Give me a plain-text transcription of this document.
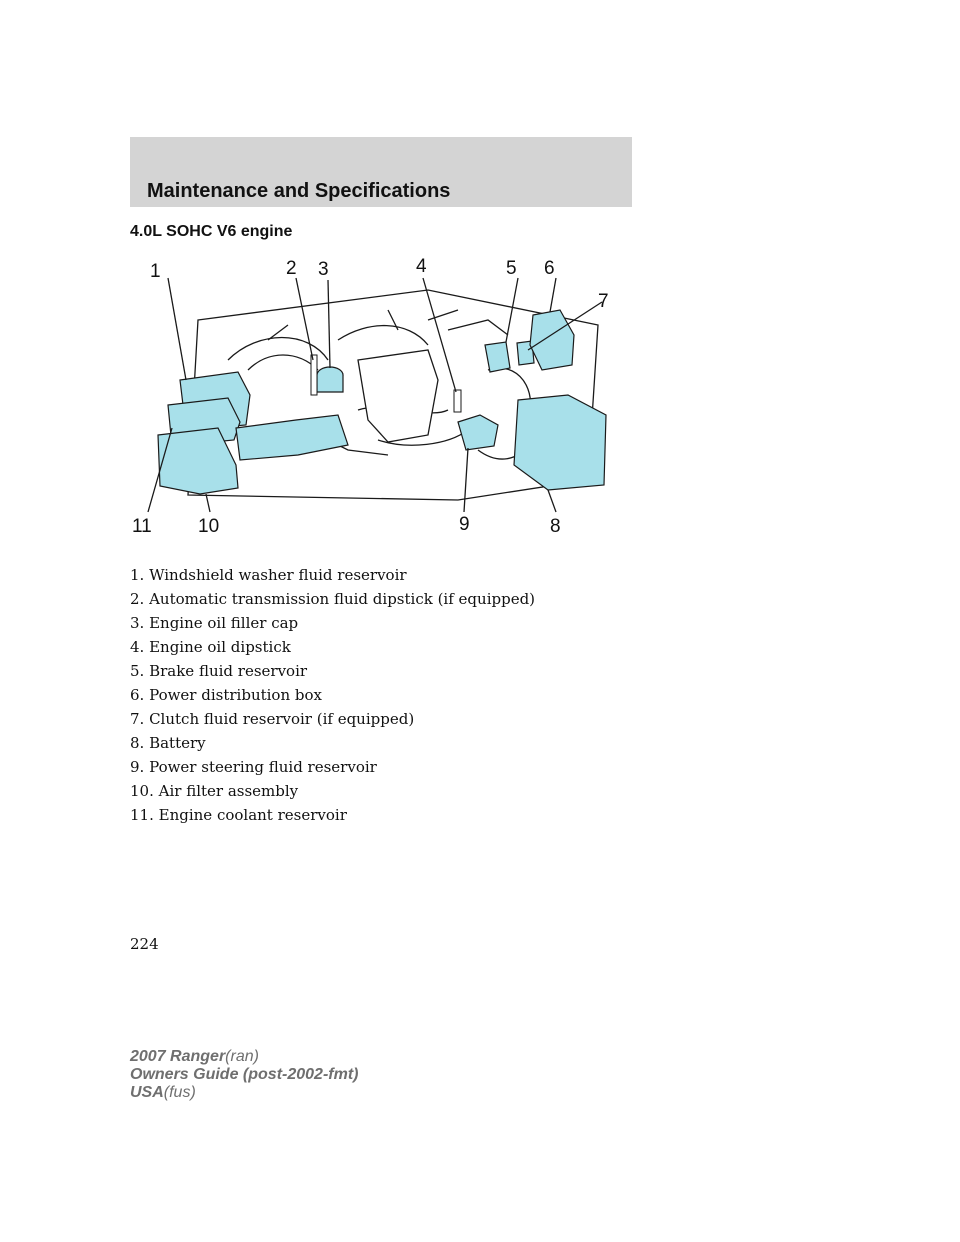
Maintenance and Specifications
4.0L SOHC V6 engine
1	2 3	4	5 6
7
8
9
10
11
1. Windshield washer fluid reservoir
2. Automatic transmission fluid dipstick (if equipped)
3. Engine oil filler cap
4. Engine oil dipstick
5. Brake fluid reservoir
6. Power distribution box
7. Clutch fluid reservoir (if equipped)
8. Battery
9. Power steering fluid reservoir
10. Air filter assembly
11. Engine coolant reservoir
224
2007 Ranger(ran)
Owners Guide (post-2002-fmt)
USA(fus)
